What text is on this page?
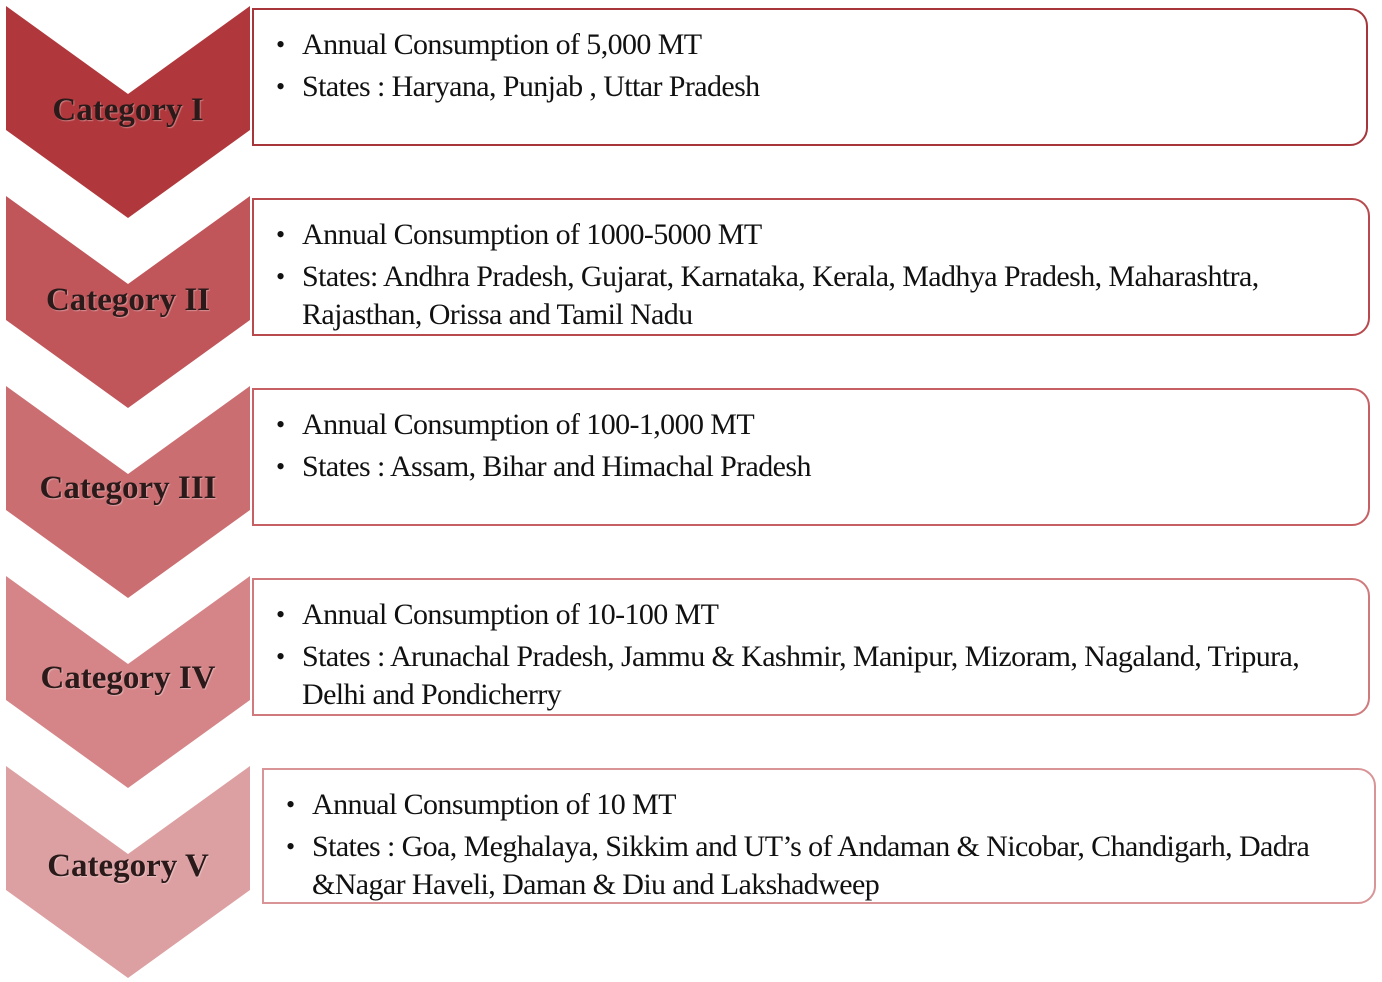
Category I
• Annual Consumption of 5,000 MT
• States : Haryana, Punjab , Uttar Pradesh
Category II
• Annual Consumption of 1000-5000 MT
• States: Andhra Pradesh, Gujarat, Karnataka, Kerala, Madhya Pradesh, Maharashtra, Rajasthan, Orissa and Tamil Nadu
Category III
• Annual Consumption of 100-1,000 MT
• States : Assam, Bihar and Himachal Pradesh
Category IV
• Annual Consumption of 10-100 MT
• States : Arunachal Pradesh, Jammu & Kashmir, Manipur, Mizoram, Nagaland, Tripura, Delhi and Pondicherry
Category V
• Annual Consumption of 10 MT
• States : Goa, Meghalaya, Sikkim and UT’s of Andaman & Nicobar, Chandigarh, Dadra &Nagar Haveli, Daman & Diu and Lakshadweep
